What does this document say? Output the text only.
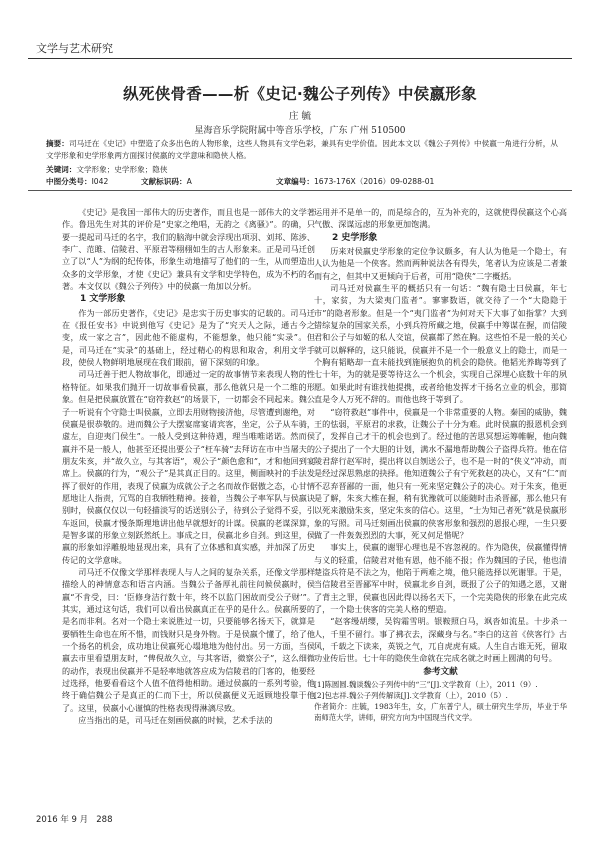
文学与艺术研究
纵死侠骨香——析《史记·魏公子列传》中侯嬴形象
庄 毓
星海音乐学院附属中等音乐学校，广东 广州 510500
摘要：司马迁在《史记》中塑造了众多出色的人物形象，这些人物具有文学色彩，兼具有史学价值。因此本文以《魏公子列传》中侯嬴一角进行分析，从文学形象和史学形象两方面探讨侯嬴的文学意味和隐侠人格。
关键词：文学形象；史学形象；隐侠
中图分类号：I042	文献标识码：A	文章编号：1673-176X（2016）09-0288-01

《史记》是我国一部伟大的历史著作，而且也是一部伟大的文学著作。鲁迅先生对其的评价是“史家之绝唱，无韵之《离骚》”。的确，只要一提起司马迁的名字，我们的脑海中就会浮现出项羽、刘邦、陈涉、李广、范雎、信陵君、平原君等栩栩如生的古人形象来。正是司马迁创立了以“人”为纲的纪传体，形象生动地描写了他们的一生，从而塑造出众多的文学形象，才使《史记》兼具有文学和史学特色，成为不朽的名著。本文仅以《魏公子列传》中的侯嬴一角加以分析。

1 文学形象

作为一部历史著作，《史记》是忠实于历史事实的记载的。司马迁在《报任安书》中说到他写《史记》是为了“究天人之际，通古今之变，成一家之言”，因此他不能虚构，不能想象，他只能“实录”。但是，司马迁在“实录”的基础上，经过精心的构思和取舍，利用文学手段，使侯人物鲜明地展现在我们眼前，留下深刻的印象。

司马迁善于把人物故事化，即通过一定的故事情节来表现人物的性格特征。如果我们抛开一切故事看侯嬴，那么他就只是一个二维的形象。但是把侯嬴放置在“窃符救赵”的场景下，一切都会不同起来。魏公子一听说有个守隐士叫侯嬴，立即去用财物接济他，尽管遭到谢绝，对侯嬴是很恭敬的。进而魏公子大摆宴席宴请宾客，坐定，公子从车骑，虚左，自迎夷门侯生”。一般人受到这种待遇，理当唯唯诺诺。然而侯嬴并不是一般人，他甚至还提出要公子“枉车骑”去拜访在市中当屠夫的朋友朱亥，并“故久立，与其客语”，观公子“颜色愈和”，才和他回到宴席上。侯嬴的行为，“观公子”是其真正目的。这里，侧面映衬的手法发挥了很好的作用，表现了侯嬴为成就公子之名而故作倨傲之态，心甘情愿地让人指责，冗骂的自我牺牲精神。接着，当魏公子率军队与侯嬴诀别时，侯嬴仅仅以一句轻描淡写的话送别公子，待到公子觉得不妥，引车返回，侯嬴才慢条斯理地讲出他早就想好的计谋。侯嬴的老谋深算，是智多谋的形象立刻跃然纸上。事成之日，侯嬴北乡自刭。到这里，侯嬴的形象如浮雕般地显现出来，具有了立体感和真实感，并加深了历史传记的文学意味。

司马迁不仅像文学那样表现人与人之间的复杂关系，还像文学那样描绘人的神情意态和语言内涵。当魏公子备厚礼前往问候侯嬴时，侯嬴“不肯受，曰：‘臣修身洁行数十年，终不以监门困故而受公子财’”。其实，通过这句话，我们可以看出侯嬴真正在乎的是什么。侯嬴所要的是名而非利。名对一个隐士来说胜过一切，只要能够名扬天下，就算是要牺牲生命也在所不惜，而钱财只是身外物。于是侯嬴个懂了，给了他一个扬名的机会，成功地让侯嬴死心塌地地为他付出。另一方面，当侯嬴去市里看望朋友时，“俾倪故久立，与其客语，微察公子”，这么细微的动作，表现出侯嬴并不是轻率地就答应成为信陵君的门客的，他要经过选择，他要看看这个人值不值得他相助。通过侯嬴的一系列考验，他终于确信魏公子是真正的仁而下士，所以侯嬴便义无返顾地投靠于他了。这里，侯嬴小心谨慎的性格表现得淋漓尽致。

应当指出的是，司马迁在刻画侯嬴的时候，艺术手法的

运用并不是单一的，而是综合的，互为补充的，这就使得侯嬴这个心高气傲、深谋远虑的形象更加饱满。

2 史学形象

历来对侯嬴史学形象的定位争议颇多，有人认为他是一个隐士，有人认为他是一个侠客。然而两种说法各有得失，笔者认为应该是二者兼而有之，但其中又更倾向于后者，可用“隐侠”二字概括。

司马迁对侯嬴生平的概括只有一句话：“魏有隐士曰侯嬴，年七十，家贫，为大梁夷门监者”。寥寥数语，就交待了一个“大隐隐于市”的隐者形象。但是一个“夷门监者”为何对天下大事了如指掌？大到错综复杂的国家关系，小到兵符所藏之地，侯嬴手中筹谋在握，而信陵君和公子与如姬的私人交谊，侯嬴都了然在胸。这些怕不是一般的关心就可以解释的，这只能说，侯嬴并不是一个一般意义上的隐士，而是一个胸有韬略却一直未能找到施展抱负的机会的隐侠。他韬光养晦等到了七十年，为的就是要等待这么一个机会，实现自己深埋心底数十年的夙愿。如果此时有谁找他提携，或者给他发挥才干扬名立业的机会，那简直是令人万死不辞的。而他也终于等到了。

“窃符救赵”事件中，侯嬴是一个非常重要的人物。秦国的威胁，魏王的怯弱，平原君的求救，让魏公子十分为难。此时侯嬴的报恩机会到了，发挥自己才干的机会也到了。经过他的苦思冥想运筹帷幄，他向魏公子提出了一个大胆的计划，满水不漏地帮助魏公子盗得兵符。他在信陵君辞行赵军时，提出将以自刎送公子，也不是一时的“侠义”冲动，而是经过深思熟虑的抉择。他知道魏公子有宁死救赵的决心，又有“仁”而不忍弃晋鄙的一面，他只有一死来坚定魏公子的决心。对于朱亥，他更是了解，朱亥大椎在握，稍有犹豫就可以能随时击杀晋鄙，那么他只有以死来激励朱亥，坚定朱亥的信心。这里，“士为知己者死”就是侯嬴形象的写照。司马迁刻画出侯嬴的侠客形象和强烈的恩报心理，一生只要做了一件轰轰烈烈的大事，死又何足惜呢？

事实上，侯嬴的谢罪心理也是不容忽视的。作为隐侠，侯嬴懂得情与义的轻重，信陵君对他有恩，他不能不报；作为魏国的子民，他也清楚盗兵符是不法之为，他陷于两难之境，他只能选择以死谢罪。于是，当信陵君至晋鄙军中时，侯嬴北乡自刭，既报了公子的知遇之恩，又谢了背主之罪，侯嬴也因此得以扬名天下，一个完美隐侠的形象在此完成了，一个隐士侠客的完美人格的塑造。

“赵客缦胡缨，吴钩霜雪明。银鞍照白马，飒沓如流星。十步杀一人，千里不留行。事了拂衣去，深藏身与名。”李白的这首《侠客行》古风，千载之下读来，英锐之气，兀自虎虎有威。人生自古谁无死，留取功业传后世。七十年的隐侠生命就在完成名就之时画上圆满的句号。

参考文献

[1]陈圆圆.魏谈魏公子列传中的“三”[J].文学教育（上），2011（9）.

[2]包志祥.魏公子列传解读[J].文学教育（上），2010（5）.

作者简介：庄毓，1983年生，女，广东普宁人，硕士研究生学历，毕业于华南师范大学，讲师，研究方向为中国现当代文学。

2016 年 9 月 288
